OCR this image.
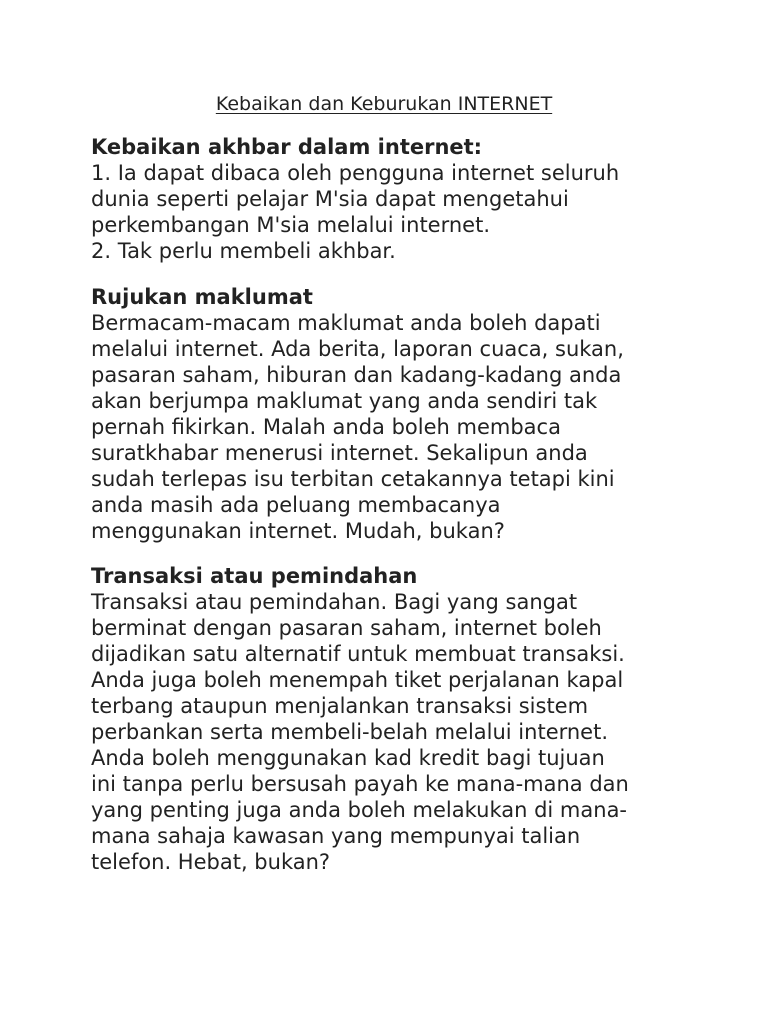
Kebaikan dan Keburukan INTERNET
Kebaikan akhbar dalam internet:
1. Ia dapat dibaca oleh pengguna internet seluruh
dunia seperti pelajar M'sia dapat mengetahui
perkembangan M'sia melalui internet.
2. Tak perlu membeli akhbar.
Rujukan maklumat
Bermacam-macam maklumat anda boleh dapati
melalui internet. Ada berita, laporan cuaca, sukan,
pasaran saham, hiburan dan kadang-kadang anda
akan berjumpa maklumat yang anda sendiri tak
pernah fikirkan. Malah anda boleh membaca
suratkhabar menerusi internet. Sekalipun anda
sudah terlepas isu terbitan cetakannya tetapi kini
anda masih ada peluang membacanya
menggunakan internet. Mudah, bukan?
Transaksi atau pemindahan
Transaksi atau pemindahan. Bagi yang sangat
berminat dengan pasaran saham, internet boleh
dijadikan satu alternatif untuk membuat transaksi.
Anda juga boleh menempah tiket perjalanan kapal
terbang ataupun menjalankan transaksi sistem
perbankan serta membeli-belah melalui internet.
Anda boleh menggunakan kad kredit bagi tujuan
ini tanpa perlu bersusah payah ke mana-mana dan
yang penting juga anda boleh melakukan di mana-
mana sahaja kawasan yang mempunyai talian
telefon. Hebat, bukan?
